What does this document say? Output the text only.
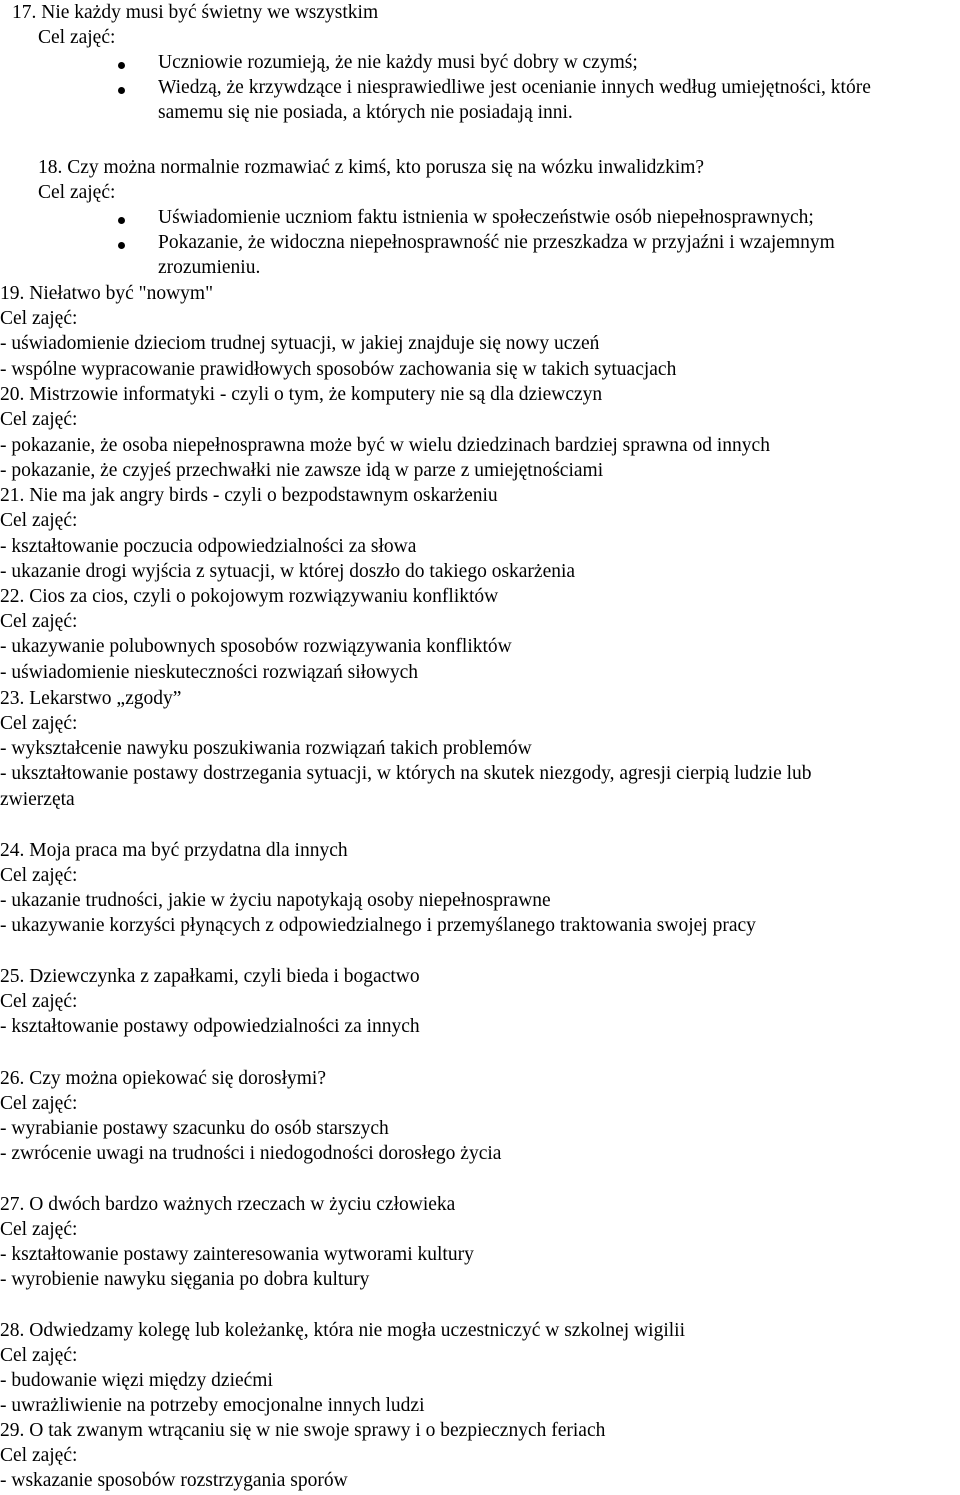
17. Nie każdy musi być świetny we wszystkim
Cel zajęć:
Uczniowie rozumieją, że nie każdy musi być dobry w czymś;
Wiedzą, że krzywdzące i niesprawiedliwe jest ocenianie innych według umiejętności, które
samemu się nie posiada, a których nie posiadają inni.
18. Czy można normalnie rozmawiać z kimś, kto porusza się na wózku inwalidzkim?
Cel zajęć:
Uświadomienie uczniom faktu istnienia w społeczeństwie osób niepełnosprawnych;
Pokazanie, że widoczna niepełnosprawność nie przeszkadza w przyjaźni i wzajemnym
zrozumieniu.
19. Niełatwo być "nowym"
Cel zajęć:
- uświadomienie dzieciom trudnej sytuacji, w jakiej znajduje się nowy uczeń
- wspólne wypracowanie prawidłowych sposobów zachowania się w takich sytuacjach
20. Mistrzowie informatyki - czyli o tym, że komputery nie są dla dziewczyn
Cel zajęć:
- pokazanie, że osoba niepełnosprawna może być w wielu dziedzinach bardziej sprawna od innych
- pokazanie, że czyjeś przechwałki nie zawsze idą w parze z umiejętnościami
21. Nie ma jak angry birds - czyli o bezpodstawnym oskarżeniu
Cel zajęć:
- kształtowanie poczucia odpowiedzialności za słowa
- ukazanie drogi wyjścia z sytuacji, w której doszło do takiego oskarżenia
22. Cios za cios, czyli o pokojowym rozwiązywaniu konfliktów
Cel zajęć:
- ukazywanie polubownych sposobów rozwiązywania konfliktów
- uświadomienie nieskuteczności rozwiązań siłowych
23. Lekarstwo „zgody”
Cel zajęć:
- wykształcenie nawyku poszukiwania rozwiązań takich problemów
- ukształtowanie postawy dostrzegania sytuacji, w których na skutek niezgody, agresji cierpią ludzie lub
zwierzęta
24. Moja praca ma być przydatna dla innych
Cel zajęć:
- ukazanie trudności, jakie w życiu napotykają osoby niepełnosprawne
- ukazywanie korzyści płynących z odpowiedzialnego i przemyślanego traktowania swojej pracy
25. Dziewczynka z zapałkami, czyli bieda i bogactwo
Cel zajęć:
- kształtowanie postawy odpowiedzialności za innych
26. Czy można opiekować się dorosłymi?
Cel zajęć:
- wyrabianie postawy szacunku do osób starszych
- zwrócenie uwagi na trudności i niedogodności dorosłego życia
27. O dwóch bardzo ważnych rzeczach w życiu człowieka
Cel zajęć:
- kształtowanie postawy zainteresowania wytworami kultury
- wyrobienie nawyku sięgania po dobra kultury
28. Odwiedzamy kolegę lub koleżankę, która nie mogła uczestniczyć w szkolnej wigilii
Cel zajęć:
- budowanie więzi między dziećmi
- uwrażliwienie na potrzeby emocjonalne innych ludzi
29. O tak zwanym wtrącaniu się w nie swoje sprawy i o bezpiecznych feriach
Cel zajęć:
- wskazanie sposobów rozstrzygania sporów
